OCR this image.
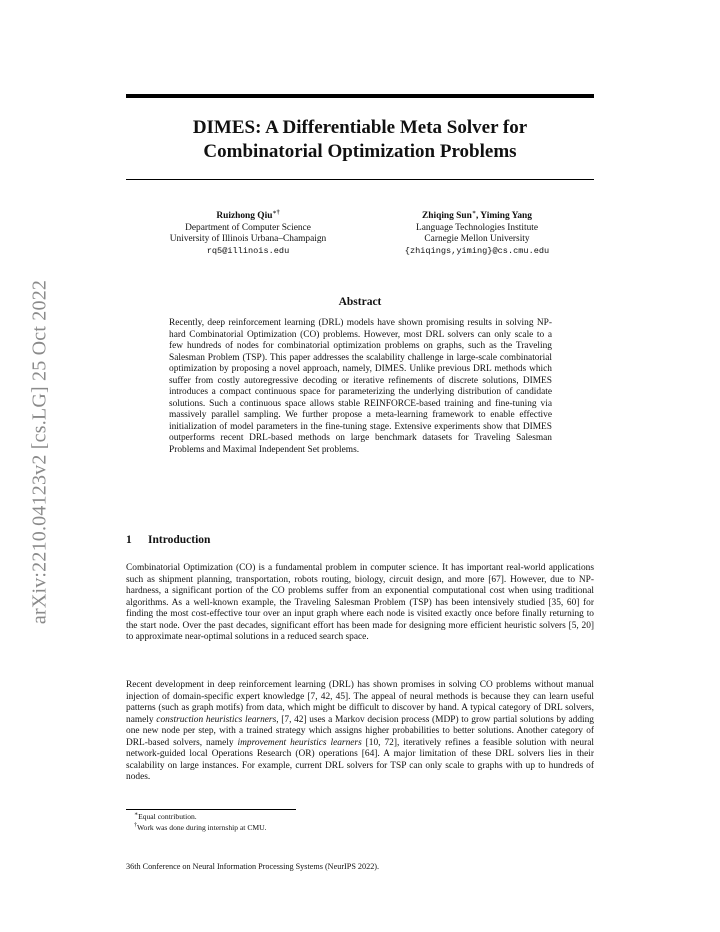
arXiv:2210.04123v2 [cs.LG] 25 Oct 2022
DIMES: A Differentiable Meta Solver for
Combinatorial Optimization Problems
Ruizhong Qiu∗†
Department of Computer Science
University of Illinois Urbana–Champaign
rq5@illinois.edu
Zhiqing Sun∗, Yiming Yang
Language Technologies Institute
Carnegie Mellon University
{zhiqings,yiming}@cs.cmu.edu
Abstract

Recently, deep reinforcement learning (DRL) models have shown promising results in solving NP-hard Combinatorial Optimization (CO) problems. However, most DRL solvers can only scale to a few hundreds of nodes for combinatorial optimization problems on graphs, such as the Traveling Salesman Problem (TSP). This paper addresses the scalability challenge in large-scale combinatorial optimization by proposing a novel approach, namely, DIMES. Unlike previous DRL methods which suffer from costly autoregressive decoding or iterative refinements of discrete solutions, DIMES introduces a compact continuous space for parameterizing the underlying distribution of candidate solutions. Such a continuous space allows stable REINFORCE-based training and fine-tuning via massively parallel sampling. We further propose a meta-learning framework to enable effective initialization of model parameters in the fine-tuning stage. Extensive experiments show that DIMES outperforms recent DRL-based methods on large benchmark datasets for Traveling Salesman Problems and Maximal Independent Set problems.

1 Introduction

Combinatorial Optimization (CO) is a fundamental problem in computer science. It has important real-world applications such as shipment planning, transportation, robots routing, biology, circuit design, and more [67]. However, due to NP-hardness, a significant portion of the CO problems suffer from an exponential computational cost when using traditional algorithms. As a well-known example, the Traveling Salesman Problem (TSP) has been intensively studied [35, 60] for finding the most cost-effective tour over an input graph where each node is visited exactly once before finally returning to the start node. Over the past decades, significant effort has been made for designing more efficient heuristic solvers [5, 20] to approximate near-optimal solutions in a reduced search space.

Recent development in deep reinforcement learning (DRL) has shown promises in solving CO problems without manual injection of domain-specific expert knowledge [7, 42, 45]. The appeal of neural methods is because they can learn useful patterns (such as graph motifs) from data, which might be difficult to discover by hand. A typical category of DRL solvers, namely construction heuristics learners, [7, 42] uses a Markov decision process (MDP) to grow partial solutions by adding one new node per step, with a trained strategy which assigns higher probabilities to better solutions. Another category of DRL-based solvers, namely improvement heuristics learners [10, 72], iteratively refines a feasible solution with neural network-guided local Operations Research (OR) operations [64]. A major limitation of these DRL solvers lies in their scalability on large instances. For example, current DRL solvers for TSP can only scale to graphs with up to hundreds of nodes.

∗Equal contribution.
†Work was done during internship at CMU.
36th Conference on Neural Information Processing Systems (NeurIPS 2022).
